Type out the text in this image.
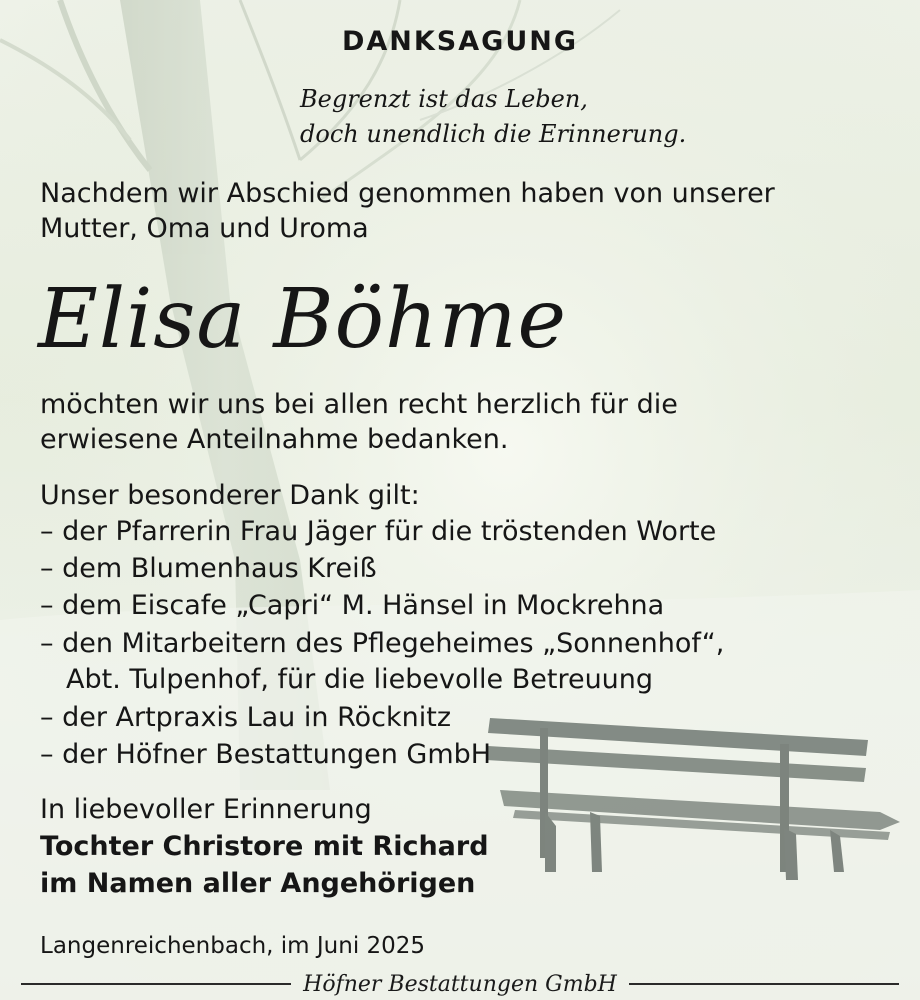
DANKSAGUNG
Begrenzt ist das Leben,
doch unendlich die Erinnerung.
Nachdem wir Abschied genommen haben von unserer
Mutter, Oma und Uroma
Elisa Böhme
möchten wir uns bei allen recht herzlich für die
erwiesene Anteilnahme bedanken.
Unser besonderer Dank gilt:
– der Pfarrerin Frau Jäger für die tröstenden Worte
– dem Blumenhaus Kreiß
– dem Eiscafe „Capri“ M. Hänsel in Mockrehna
– den Mitarbeitern des Pflegeheimes „Sonnenhof“,
Abt. Tulpenhof, für die liebevolle Betreuung
– der Artpraxis Lau in Röcknitz
– der Höfner Bestattungen GmbH
In liebevoller Erinnerung
Tochter Christore mit Richard
im Namen aller Angehörigen
Langenreichenbach, im Juni 2025
Höfner Bestattungen GmbH
